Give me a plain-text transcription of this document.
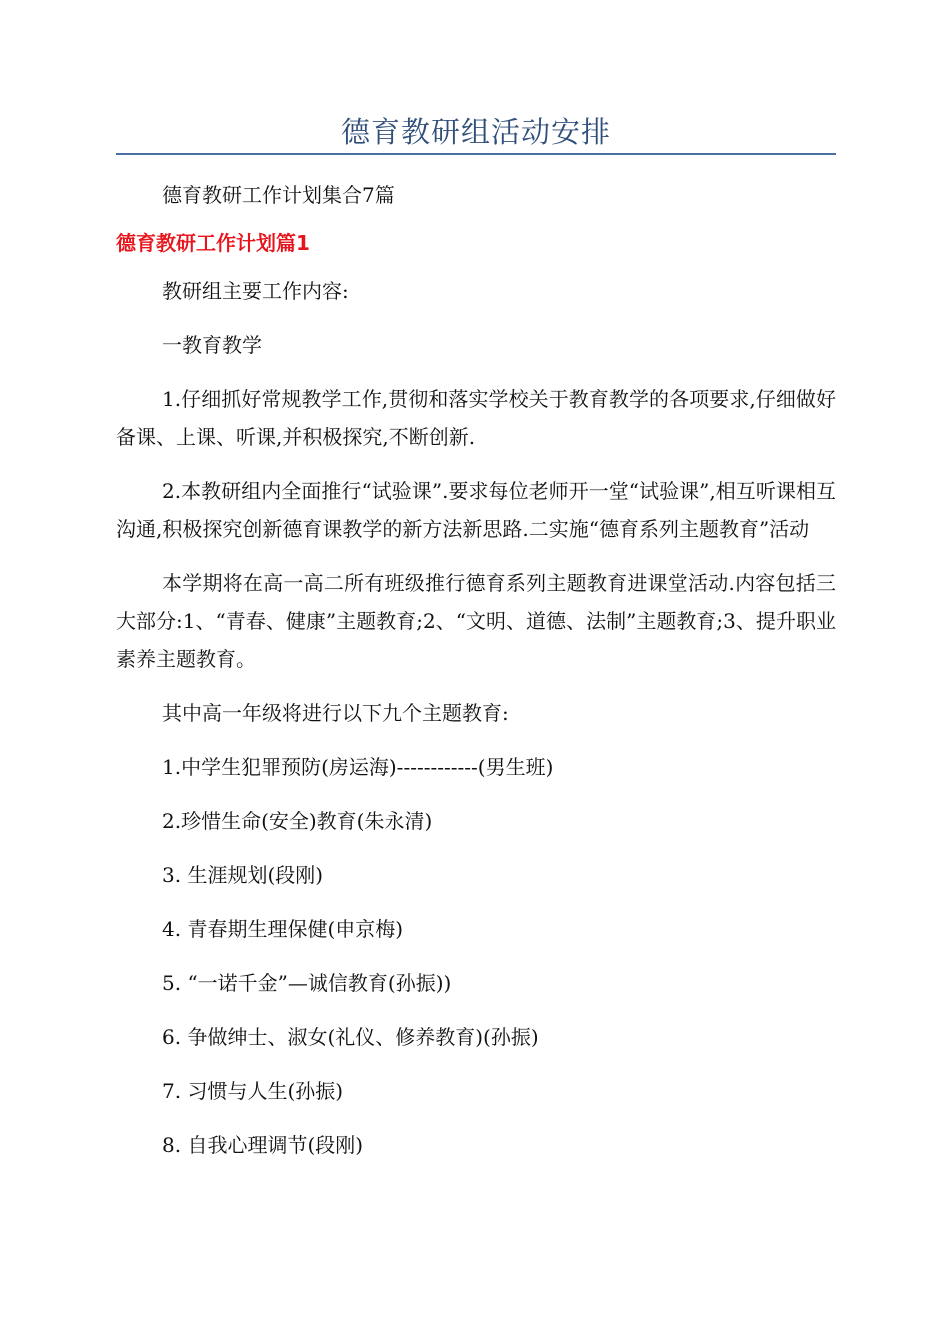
德育教研组活动安排

德育教研工作计划集合7篇

德育教研工作计划篇1

教研组主要工作内容:

一教育教学

1.仔细抓好常规教学工作,贯彻和落实学校关于教育教学的各项要求,仔细做好备课、上课、听课,并积极探究,不断创新.

2.本教研组内全面推行“试验课”.要求每位老师开一堂“试验课”,相互听课相互沟通,积极探究创新德育课教学的新方法新思路.二实施“德育系列主题教育”活动

本学期将在高一高二所有班级推行德育系列主题教育进课堂活动.内容包括三大部分:1、“青春、健康”主题教育;2、“文明、道德、法制”主题教育;3、提升职业素养主题教育。

其中高一年级将进行以下九个主题教育:

1.中学生犯罪预防(房运海)------------(男生班)

2.珍惜生命(安全)教育(朱永清)

3. 生涯规划(段刚)

4. 青春期生理保健(申京梅)

5. “一诺千金”—诚信教育(孙振))

6. 争做绅士、淑女(礼仪、修养教育)(孙振)

7. 习惯与人生(孙振)

8. 自我心理调节(段刚)
